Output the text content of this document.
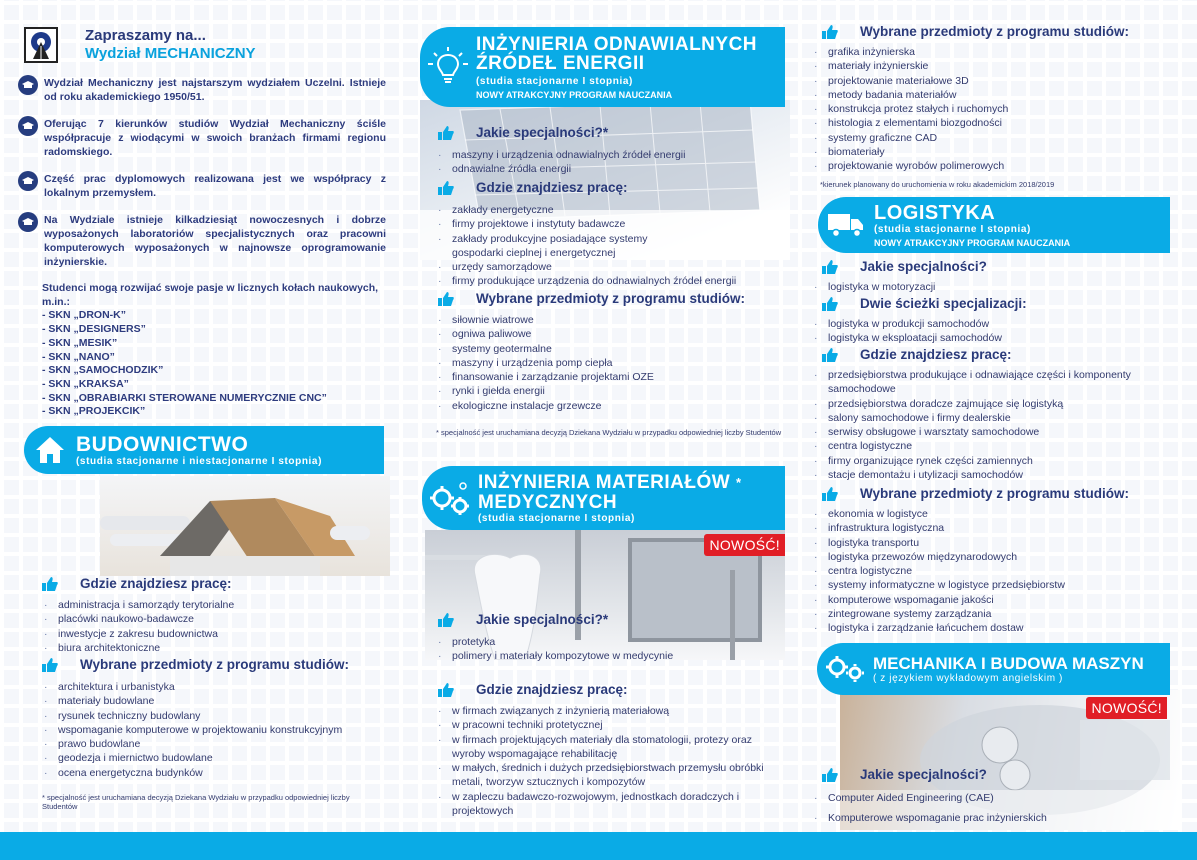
Zapraszamy na...
Wydział MECHANICZNY
Wydział Mechaniczny jest najstarszym wydziałem Uczelni. Istnieje od roku akademickiego 1950/51.
Oferując 7 kierunków studiów Wydział Mechaniczny ściśle współpracuje z wiodącymi w swoich branżach firmami regionu radomskiego.
Część prac dyplomowych realizowana jest we współpracy z lokalnym przemysłem.
Na Wydziale istnieje kilkadziesiąt nowoczesnych i dobrze wyposażonych laboratoriów specjalistycznych oraz pracowni komputerowych wyposażonych w najnowsze oprogramowanie inżynierskie.
Studenci mogą rozwijać swoje pasje w licznych kołach naukowych, m.in.:
- SKN „DRON-K”
- SKN „DESIGNERS”
- SKN „MESIK”
- SKN „NANO”
- SKN „SAMOCHODZIK”
- SKN „KRAKSA”
- SKN „OBRABIARKI STEROWANE NUMERYCZNIE CNC”
- SKN „PROJEKCIK”
BUDOWNICTWO
(studia stacjonarne i niestacjonarne I stopnia)
Gdzie znajdziesz pracę:
· administracja i samorządy terytorialne
· placówki naukowo-badawcze
· inwestycje z zakresu budownictwa
· biura architektoniczne
Wybrane przedmioty z programu studiów:
· architektura i urbanistyka
· materiały budowlane
· rysunek techniczny budowlany
· wspomaganie komputerowe w projektowaniu konstrukcyjnym
· prawo budowlane
· geodezja i miernictwo budowlane
· ocena energetyczna budynków
* specjalność jest uruchamiana decyzją Dziekana Wydziału w przypadku odpowiedniej liczby Studentów
INŻYNIERIA ODNAWIALNYCH
ŹRÓDEŁ ENERGII
(studia stacjonarne I stopnia)
NOWY ATRAKCYJNY PROGRAM NAUCZANIA
Jakie specjalności?*
· maszyny i urządzenia odnawialnych źródeł energii
· odnawialne źródła energii
Gdzie znajdziesz pracę:
· zakłady energetyczne
· firmy projektowe i instytuty badawcze
· zakłady produkcyjne posiadające systemy gospodarki cieplnej i energetycznej
· urzędy samorządowe
· firmy produkujące urządzenia do odnawialnych źródeł energii
Wybrane przedmioty z programu studiów:
· siłownie wiatrowe
· ogniwa paliwowe
· systemy geotermalne
· maszyny i urządzenia pomp ciepła
· finansowanie i zarządzanie projektami OZE
· rynki i giełda energii
· ekologiczne instalacje grzewcze
* specjalność jest uruchamiana decyzją Dziekana Wydziału w przypadku odpowiedniej liczby Studentów
INŻYNIERIA MATERIAŁÓW *
MEDYCZNYCH
(studia stacjonarne I stopnia)
NOWOŚĆ!
Jakie specjalności?*
· protetyka
· polimery i materiały kompozytowe w medycynie
Gdzie znajdziesz pracę:
· w firmach związanych z inżynierią materiałową
· w pracowni techniki protetycznej
· w firmach projektujących materiały dla stomatologii, protezy oraz wyroby wspomagające rehabilitację
· w małych, średnich i dużych przedsiębiorstwach przemysłu obróbki metali, tworzyw sztucznych i kompozytów
· w zapleczu badawczo-rozwojowym, jednostkach doradczych i projektowych
Wybrane przedmioty z programu studiów:
· grafika inżynierska
· materiały inżynierskie
· projektowanie materiałowe 3D
· metody badania materiałów
· konstrukcja protez stałych i ruchomych
· histologia z elementami biozgodności
· systemy graficzne CAD
· biomateriały
· projektowanie wyrobów polimerowych
*kierunek planowany do uruchomienia w roku akademickim 2018/2019
LOGISTYKA
(studia stacjonarne I stopnia)
NOWY ATRAKCYJNY PROGRAM NAUCZANIA
Jakie specjalności?
· logistyka w motoryzacji
Dwie ścieżki specjalizacji:
· logistyka w produkcji samochodów
· logistyka w eksploatacji samochodów
Gdzie znajdziesz pracę:
· przedsiębiorstwa produkujące i odnawiające części i komponenty samochodowe
· przedsiębiorstwa doradcze zajmujące się logistyką
· salony samochodowe i firmy dealerskie
· serwisy obsługowe i warsztaty samochodowe
· centra logistyczne
· firmy organizujące rynek części zamiennych
· stacje demontażu i utylizacji samochodów
Wybrane przedmioty z programu studiów:
· ekonomia w logistyce
· infrastruktura logistyczna
· logistyka transportu
· logistyka przewozów międzynarodowych
· centra logistyczne
· systemy informatyczne w logistyce przedsiębiorstw
· komputerowe wspomaganie jakości
· zintegrowane systemy zarządzania
· logistyka i zarządzanie łańcuchem dostaw
MECHANIKA I BUDOWA MASZYN
( z językiem wykładowym angielskim )
NOWOŚĆ!
Jakie specjalności?
· Computer Aided Engineering (CAE)
· Komputerowe wspomaganie prac inżynierskich
